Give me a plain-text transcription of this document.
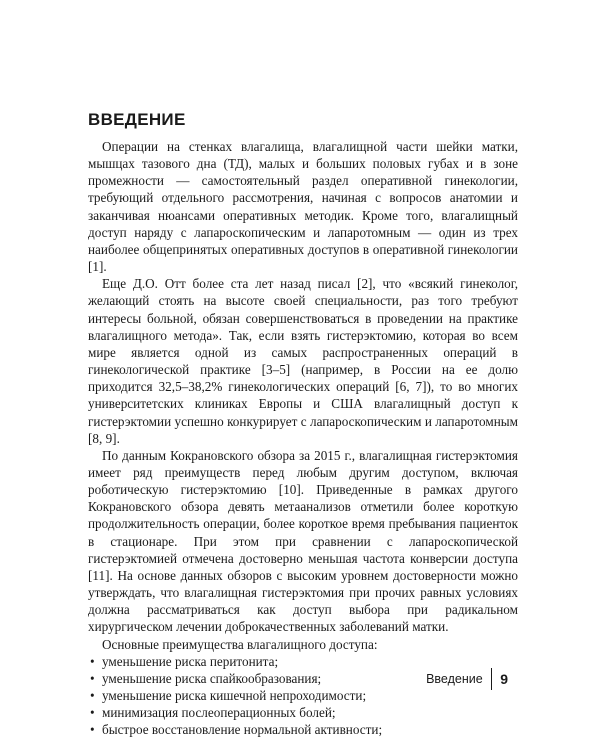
ВВЕДЕНИЕ

Операции на стенках влагалища, влагалищной части шейки матки, мышцах тазового дна (ТД), малых и больших половых губах и в зоне промежности — самостоятельный раздел оперативной гинекологии, требующий отдельного рассмотрения, начиная с вопросов анатомии и заканчивая нюансами оперативных методик. Кроме того, влагалищный доступ наряду с лапароскопическим и лапаротомным — один из трех наиболее общепринятых оперативных доступов в оперативной гинекологии [1].

Еще Д.О. Отт более ста лет назад писал [2], что «всякий гинеколог, желающий стоять на высоте своей специальности, раз того требуют интересы больной, обязан совершенствоваться в проведении на практике влагалищного метода». Так, если взять гистерэктомию, которая во всем мире является одной из самых распространенных операций в гинекологической практике [3–5] (например, в России на ее долю приходится 32,5–38,2% гинекологических операций [6, 7]), то во многих университетских клиниках Европы и США влагалищный доступ к гистерэктомии успешно конкурирует с лапароскопическим и лапаротомным [8, 9].

По данным Кокрановского обзора за 2015 г., влагалищная гистерэктомия имеет ряд преимуществ перед любым другим доступом, включая роботическую гистерэктомию [10]. Приведенные в рамках другого Кокрановского обзора девять метаанализов отметили более короткую продолжительность операции, более короткое время пребывания пациенток в стационаре. При этом при сравнении с лапароскопической гистерэктомией отмечена достоверно меньшая частота конверсии доступа [11]. На основе данных обзоров с высоким уровнем достоверности можно утверждать, что влагалищная гистерэктомия при прочих равных условиях должна рассматриваться как доступ выбора при радикальном хирургическом лечении доброкачественных заболеваний матки.

Основные преимущества влагалищного доступа:

• уменьшение риска перитонита;
• уменьшение риска спайкообразования;
• уменьшение риска кишечной непроходимости;
• минимизация послеоперационных болей;
• быстрое восстановление нормальной активности;
Введение 9
